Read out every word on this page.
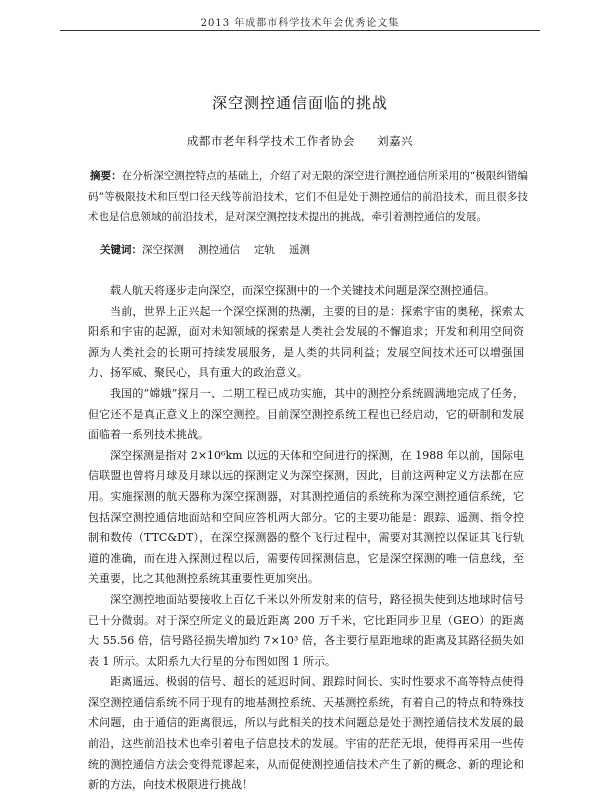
2013 年成都市科学技术年会优秀论文集
深空测控通信面临的挑战
成都市老年科学技术工作者协会 刘嘉兴
摘要：在分析深空测控特点的基础上，介绍了对无限的深空进行测控通信所采用的“极限纠错编码”等极限技术和巨型口径天线等前沿技术，它们不但是处于测控通信的前沿技术，而且很多技术也是信息领域的前沿技术，是对深空测控技术提出的挑战，牵引着测控通信的发展。
关键词：深空探测 测控通信 定轨 遥测

载人航天将逐步走向深空，而深空探测中的一个关键技术问题是深空测控通信。

当前，世界上正兴起一个深空探测的热潮，主要的目的是：探索宇宙的奥秘，探索太阳系和宇宙的起源，面对未知领域的探索是人类社会发展的不懈追求；开发和利用空间资源为人类社会的长期可持续发展服务，是人类的共同利益；发展空间技术还可以增强国力、扬军威、聚民心，具有重大的政治意义。

我国的“嫦娥”探月一、二期工程已成功实施，其中的测控分系统圆满地完成了任务，但它还不是真正意义上的深空测控。目前深空测控系统工程也已经启动，它的研制和发展面临着一系列技术挑战。

深空探测是指对 2×10⁶km 以远的天体和空间进行的探测，在 1988 年以前，国际电信联盟也曾将月球及月球以远的探测定义为深空探测，因此，目前这两种定义方法都在应用。实施探测的航天器称为深空探测器，对其测控通信的系统称为深空测控通信系统，它包括深空测控通信地面站和空间应答机两大部分。它的主要功能是：跟踪、遥测、指令控制和数传（TTC&DT），在深空探测器的整个飞行过程中，需要对其测控以保证其飞行轨道的准确，而在进入探测过程以后，需要传回探测信息，它是深空探测的唯一信息线，至关重要，比之其他测控系统其重要性更加突出。

深空测控地面站要接收上百亿千米以外所发射来的信号，路径损失使到达地球时信号已十分微弱。对于深空所定义的最近距离 200 万千米，它比距同步卫星（GEO）的距离大 55.56 倍，信号路径损失增加约 7×10³ 倍，各主要行星距地球的距离及其路径损失如表 1 所示。太阳系九大行星的分布图如图 1 所示。

距离遥远、极弱的信号、超长的延迟时间、跟踪时间长、实时性要求不高等特点使得深空测控通信系统不同于现有的地基测控系统、天基测控系统，有着自己的特点和特殊技术问题，由于通信的距离很远，所以与此相关的技术问题总是处于测控通信技术发展的最前沿，这些前沿技术也牵引着电子信息技术的发展。宇宙的茫茫无垠，使得再采用一些传统的测控通信方法会变得荒谬起来，从而促使测控通信技术产生了新的概念、新的理论和新的方法，向技术极限进行挑战！
